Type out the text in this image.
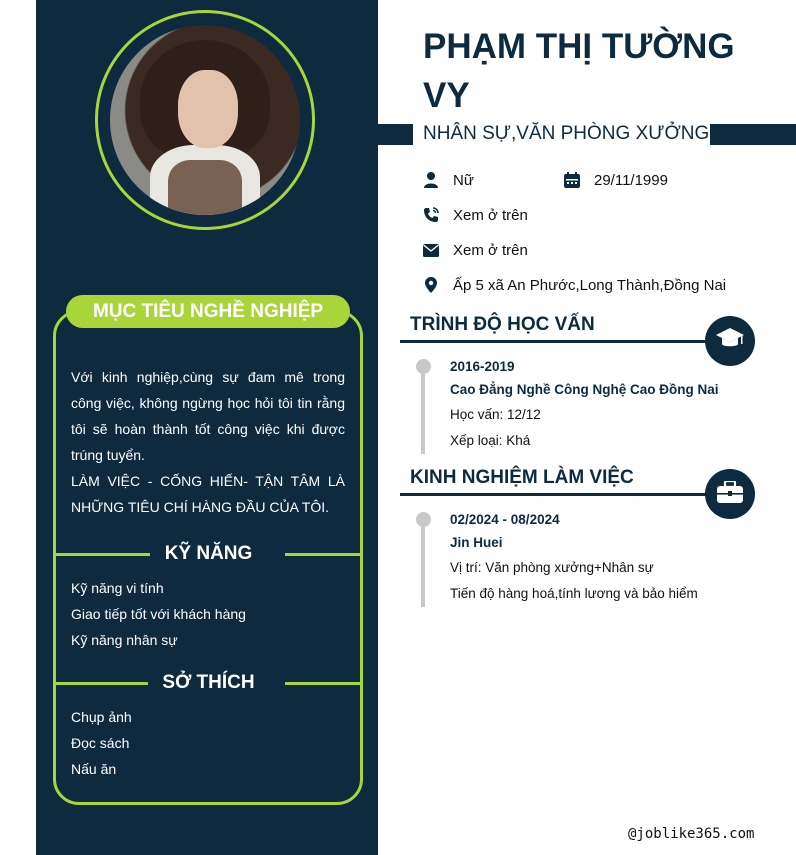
MỤC TIÊU NGHỀ NGHIỆP
Với kinh nghiệp,cùng sự đam mê trong công việc, không ngừng học hỏi tôi tin rằng tôi sẽ hoàn thành tốt công việc khi được trúng tuyển.
LÀM VIỆC - CỐNG HIẾN- TẬN TÂM LÀ NHỮNG TIÊU CHÍ HÀNG ĐẦU CỦA TÔI.
KỸ NĂNG
Kỹ năng vi tính
Giao tiếp tốt với khách hàng
Kỹ năng nhân sự
SỞ THÍCH
Chụp ảnh
Đọc sách
Nấu ăn
PHẠM THỊ TƯỜNG VY
NHÂN SỰ,VĂN PHÒNG XƯỞNG
Nữ	29/11/1999
Xem ở trên
Xem ở trên
Ấp 5 xã An Phước,Long Thành,Đồng Nai
TRÌNH ĐỘ HỌC VẤN
2016-2019
Cao Đẳng Nghề Công Nghệ Cao Đồng Nai
Học vấn: 12/12
Xếp loại: Khá
KINH NGHIỆM LÀM VIỆC
02/2024 - 08/2024
Jin Huei
Vị trí: Văn phòng xưởng+Nhân sự
Tiến độ hàng hoá,tính lương và bảo hiểm
@joblike365.com
